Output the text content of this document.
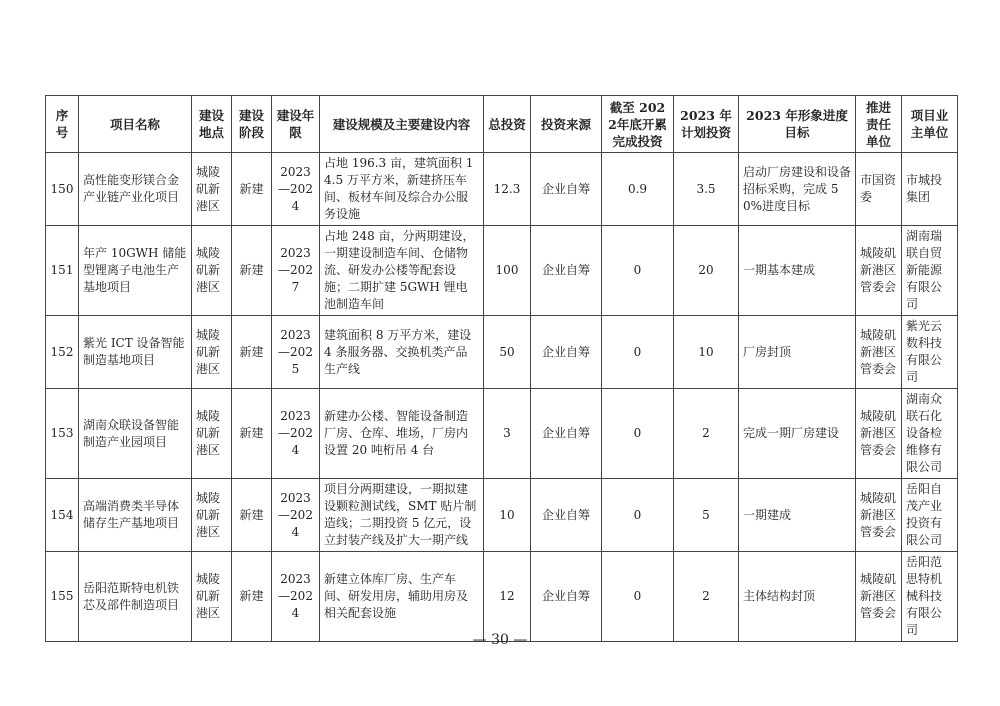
序号	项目名称	建设地点	建设阶段	建设年限	建设规模及主要建设内容	总投资	投资来源	截至 2022年底开累完成投资	2023 年计划投资	2023 年形象进度目标	推进责任单位	项目业主单位
150	高性能变形镁合金产业链产业化项目	城陵矶新港区	新建	2023—2024	占地 196.3 亩，建筑面积 14.5 万平方米，新建挤压车间、板材车间及综合办公服务设施	12.3	企业自筹	0.9	3.5	启动厂房建设和设备招标采购，完成 50%进度目标	市国资委	市城投集团
151	年产 10GWH 储能型锂离子电池生产基地项目	城陵矶新港区	新建	2023—2027	占地 248 亩，分两期建设，一期建设制造车间、仓储物流、研发办公楼等配套设施；二期扩建 5GWH 锂电池制造车间	100	企业自筹	0	20	一期基本建成	城陵矶新港区管委会	湖南瑞联自贸新能源有限公司
152	紫光 ICT 设备智能制造基地项目	城陵矶新港区	新建	2023—2025	建筑面积 8 万平方米，建设 4 条服务器、交换机类产品生产线	50	企业自筹	0	10	厂房封顶	城陵矶新港区管委会	紫光云数科技有限公司
153	湖南众联设备智能制造产业园项目	城陵矶新港区	新建	2023—2024	新建办公楼、智能设备制造厂房、仓库、堆场，厂房内设置 20 吨桁吊 4 台	3	企业自筹	0	2	完成一期厂房建设	城陵矶新港区管委会	湖南众联石化设备检维修有限公司
154	高端消费类半导体储存生产基地项目	城陵矶新港区	新建	2023—2024	项目分两期建设，一期拟建设颗粒测试线，SMT 贴片制造线；二期投资 5 亿元，设立封装产线及扩大一期产线	10	企业自筹	0	5	一期建成	城陵矶新港区管委会	岳阳自茂产业投资有限公司
155	岳阳范斯特电机铁芯及部件制造项目	城陵矶新港区	新建	2023—2024	新建立体库厂房、生产车间、研发用房，辅助用房及相关配套设施	12	企业自筹	0	2	主体结构封顶	城陵矶新港区管委会	岳阳范思特机械科技有限公司
— 30 —
